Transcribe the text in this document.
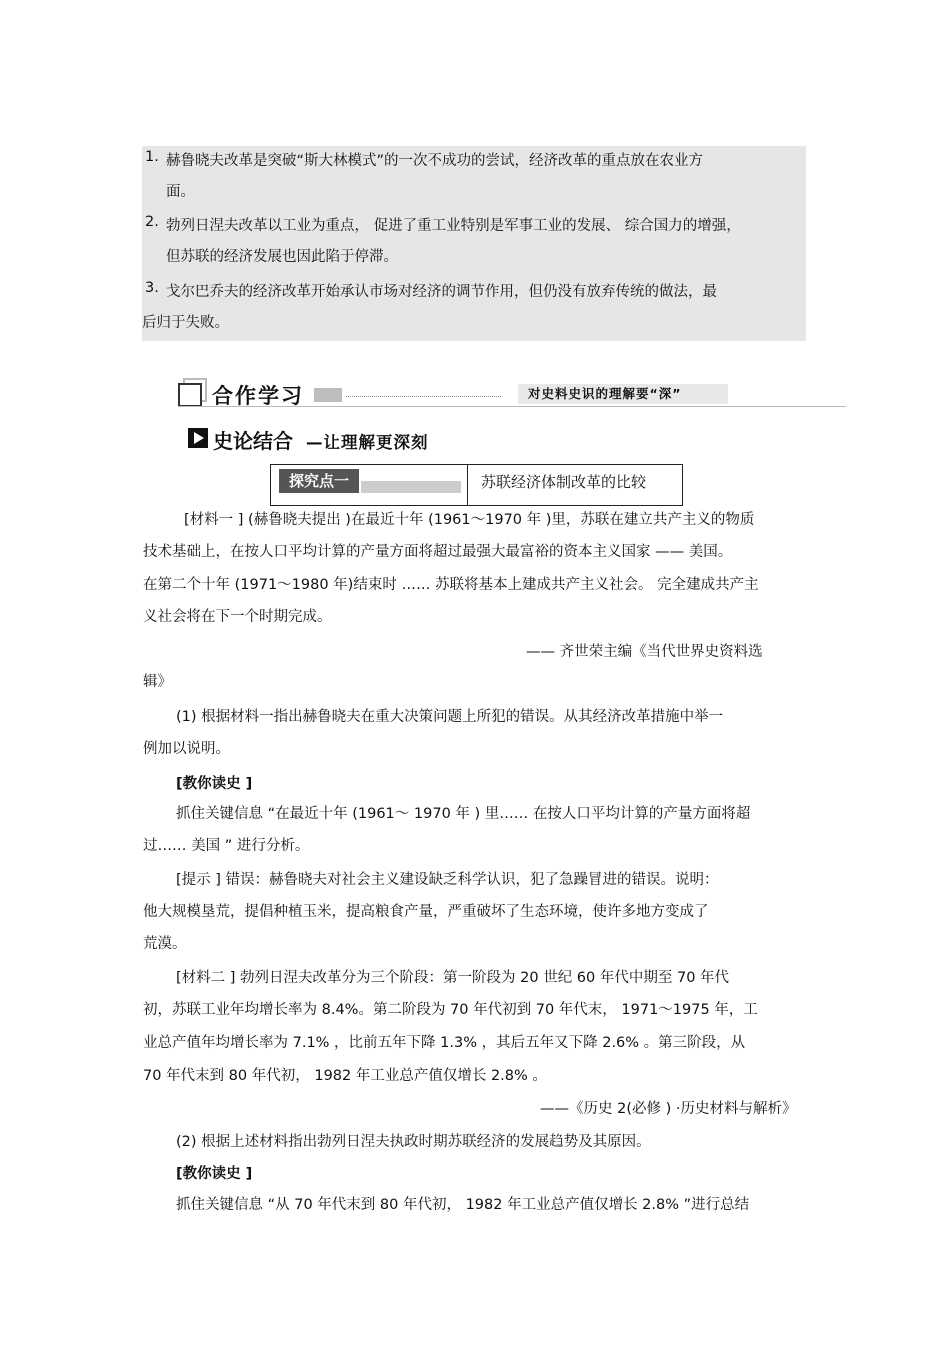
1. 赫鲁晓夫改革是突破“斯大林模式”的一次不成功的尝试，经济改革的重点放在农业方
面。
2. 勃列日涅夫改革以工业为重点， 促进了重工业特别是军事工业的发展、 综合国力的增强，
但苏联的经济发展也因此陷于停滞。
3. 戈尔巴乔夫的经济改革开始承认市场对经济的调节作用，但仍没有放弃传统的做法，最
后归于失败。
合作学习	对史料史识的理解要“深”
史论结合 —让理解更深刻
探究点一	苏联经济体制改革的比较
[材料一 ] (赫鲁晓夫提出 )在最近十年 (1961～1970 年 )里，苏联在建立共产主义的物质
技术基础上，在按人口平均计算的产量方面将超过最强大最富裕的资本主义国家 —— 美国。
在第二个十年 (1971～1980 年)结束时 …… 苏联将基本上建成共产主义社会。 完全建成共产主
义社会将在下一个时期完成。
—— 齐世荣主编《当代世界史资料选
辑》
(1) 根据材料一指出赫鲁晓夫在重大决策问题上所犯的错误。从其经济改革措施中举一
例加以说明。
[教你读史 ]
抓住关键信息 “在最近十年 (1961～ 1970 年 ) 里…… 在按人口平均计算的产量方面将超
过…… 美国 ” 进行分析。
[提示 ] 错误：赫鲁晓夫对社会主义建设缺乏科学认识，犯了急躁冒进的错误。说明：
他大规模垦荒，提倡种植玉米，提高粮食产量，严重破坏了生态环境，使许多地方变成了
荒漠。
[材料二 ] 勃列日涅夫改革分为三个阶段：第一阶段为 20 世纪 60 年代中期至 70 年代
初，苏联工业年均增长率为 8.4%。第二阶段为 70 年代初到 70 年代末， 1971～1975 年，工
业总产值年均增长率为 7.1% ，比前五年下降 1.3% ，其后五年又下降 2.6% 。第三阶段，从
70 年代末到 80 年代初， 1982 年工业总产值仅增长 2.8% 。
——《历史 2(必修 ) ·历史材料与解析》
(2) 根据上述材料指出勃列日涅夫执政时期苏联经济的发展趋势及其原因。
[教你读史 ]
抓住关键信息 “从 70 年代末到 80 年代初， 1982 年工业总产值仅增长 2.8% ”进行总结
